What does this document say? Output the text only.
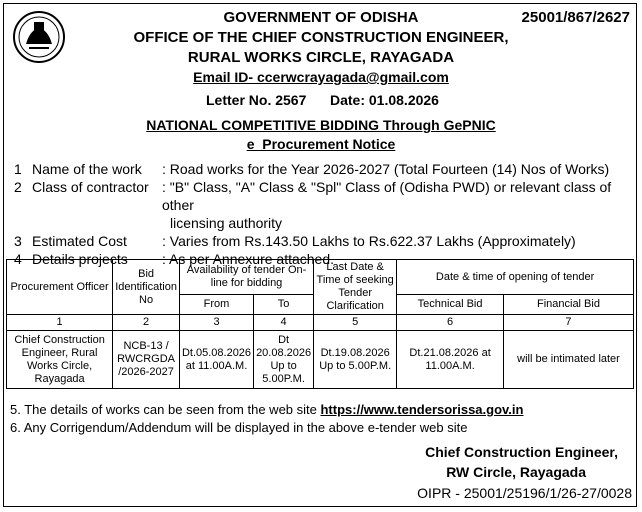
25001/867/2627
GOVERNMENT OF ODISHA
OFFICE OF THE CHIEF CONSTRUCTION ENGINEER,
RURAL WORKS CIRCLE, RAYAGADA
Email ID- ccerwcrayagada@gmail.com
Letter No. 2567 Date: 01.08.2026
NATIONAL COMPETITIVE BIDDING Through GePNIC
e_Procurement Notice
1 Name of the work	: Road works for the Year 2026-2027 (Total Fourteen (14) Nos of Works)
2 Class of contractor : "B" Class, "A" Class & "Spl" Class of (Odisha PWD) or relevant class of other
licensing authority
3 Estimated Cost	: Varies from Rs.143.50 Lakhs to Rs.622.37 Lakhs (Approximately)
4 Details projects	: As per Annexure attached.
Procurement Officer	Bid Identification No	Availability of tender On-line for bidding		Last Date & Time of seeking Tender Clarification	Date & time of opening of tender	
		From	To		Technical Bid	Financial Bid
1	2	3	4	5	6	7
Chief Construction Engineer, Rural Works Circle, Rayagada	NCB-13 / RWCRGDA /2026-2027	Dt.05.08.2026 at 11.00A.M.	Dt 20.08.2026 Up to 5.00P.M.	Dt.19.08.2026 Up to 5.00P.M.	Dt.21.08.2026 at 11.00A.M.	will be intimated later
5. The details of works can be seen from the web site https://www.tendersorissa.gov.in
6. Any Corrigendum/Addendum will be displayed in the above e-tender web site
Chief Construction Engineer,
RW Circle, Rayagada
OIPR - 25001/25196/1/26-27/0028
